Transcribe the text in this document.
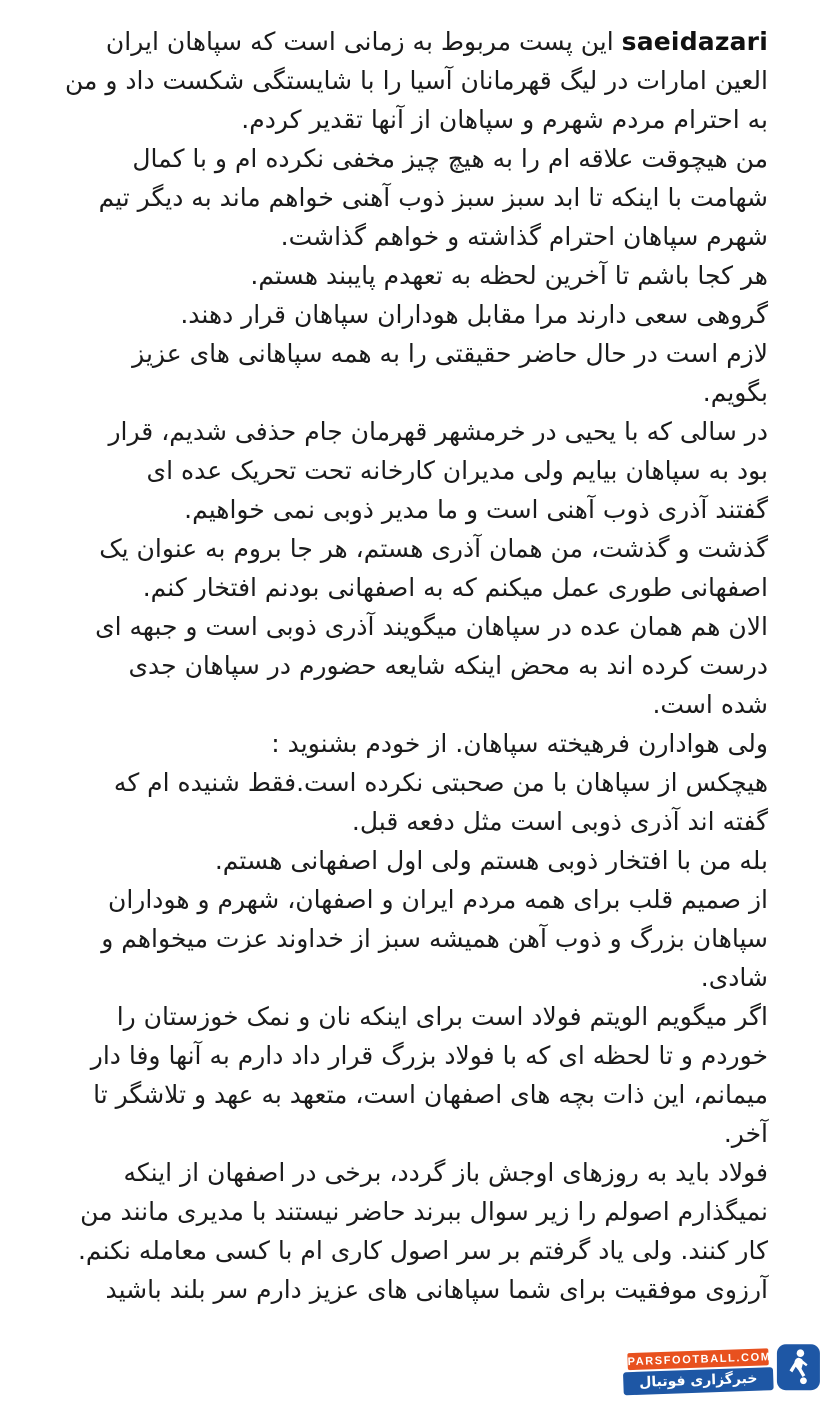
saeidazari این پست مربوط به زمانی است که سپاهان ایران
العین امارات در لیگ قهرمانان آسیا را با شایستگی شکست داد و من
به احترام مردم شهرم و سپاهان از آنها تقدیر کردم.
من هیچوقت علاقه ام را به هیچ چیز مخفی نکرده ام و با کمال
شهامت با اینکه تا ابد سبز سبز ذوب آهنی خواهم ماند به دیگر تیم
شهرم سپاهان احترام گذاشته و خواهم گذاشت.
هر کجا باشم تا آخرین لحظه به تعهدم پایبند هستم.
گروهی سعی دارند مرا مقابل هوداران سپاهان قرار دهند.
لازم است در حال حاضر حقیقتی را به همه سپاهانی های عزیز
بگویم.
در سالی که با یحیی در خرمشهر قهرمان جام حذفی شدیم، قرار
بود به سپاهان بیایم ولی مدیران کارخانه تحت تحریک عده ای
گفتند آذری ذوب آهنی است و ما مدیر ذوبی نمی خواهیم.
گذشت و گذشت، من همان آذری هستم، هر جا بروم به عنوان یک
اصفهانی طوری عمل میکنم که به اصفهانی بودنم افتخار کنم.
الان هم همان عده در سپاهان میگویند آذری ذوبی است و جبهه ای
درست کرده اند به محض اینکه شایعه حضورم در سپاهان جدی
شده است.
ولی هوادارن فرهیخته سپاهان. از خودم بشنوید :
هیچکس از سپاهان با من صحبتی نکرده است.فقط شنیده ام که
گفته اند آذری ذوبی است مثل دفعه قبل.
بله من با افتخار ذوبی هستم ولی اول اصفهانی هستم.
از صمیم قلب برای همه مردم ایران و اصفهان، شهرم و هوداران
سپاهان بزرگ و ذوب آهن همیشه سبز از خداوند عزت میخواهم و
شادی.
اگر میگویم الویتم فولاد است برای اینکه نان و نمک خوزستان را
خوردم و تا لحظه ای که با فولاد بزرگ قرار داد دارم به آنها وفا دار
میمانم، این ذات بچه های اصفهان است، متعهد به عهد و تلاشگر تا
آخر.
فولاد باید به روزهای اوجش باز گردد، برخی در اصفهان از اینکه
نمیگذارم اصولم را زیر سوال ببرند حاضر نیستند با مدیری مانند من
کار کنند. ولی یاد گرفتم بر سر اصول کاری ام با کسی معامله نکنم.
آرزوی موفقیت برای شما سپاهانی های عزیز دارم سر بلند باشید
PARSFOOTBALL.COM
خبرگزاری فوتبال ایران
